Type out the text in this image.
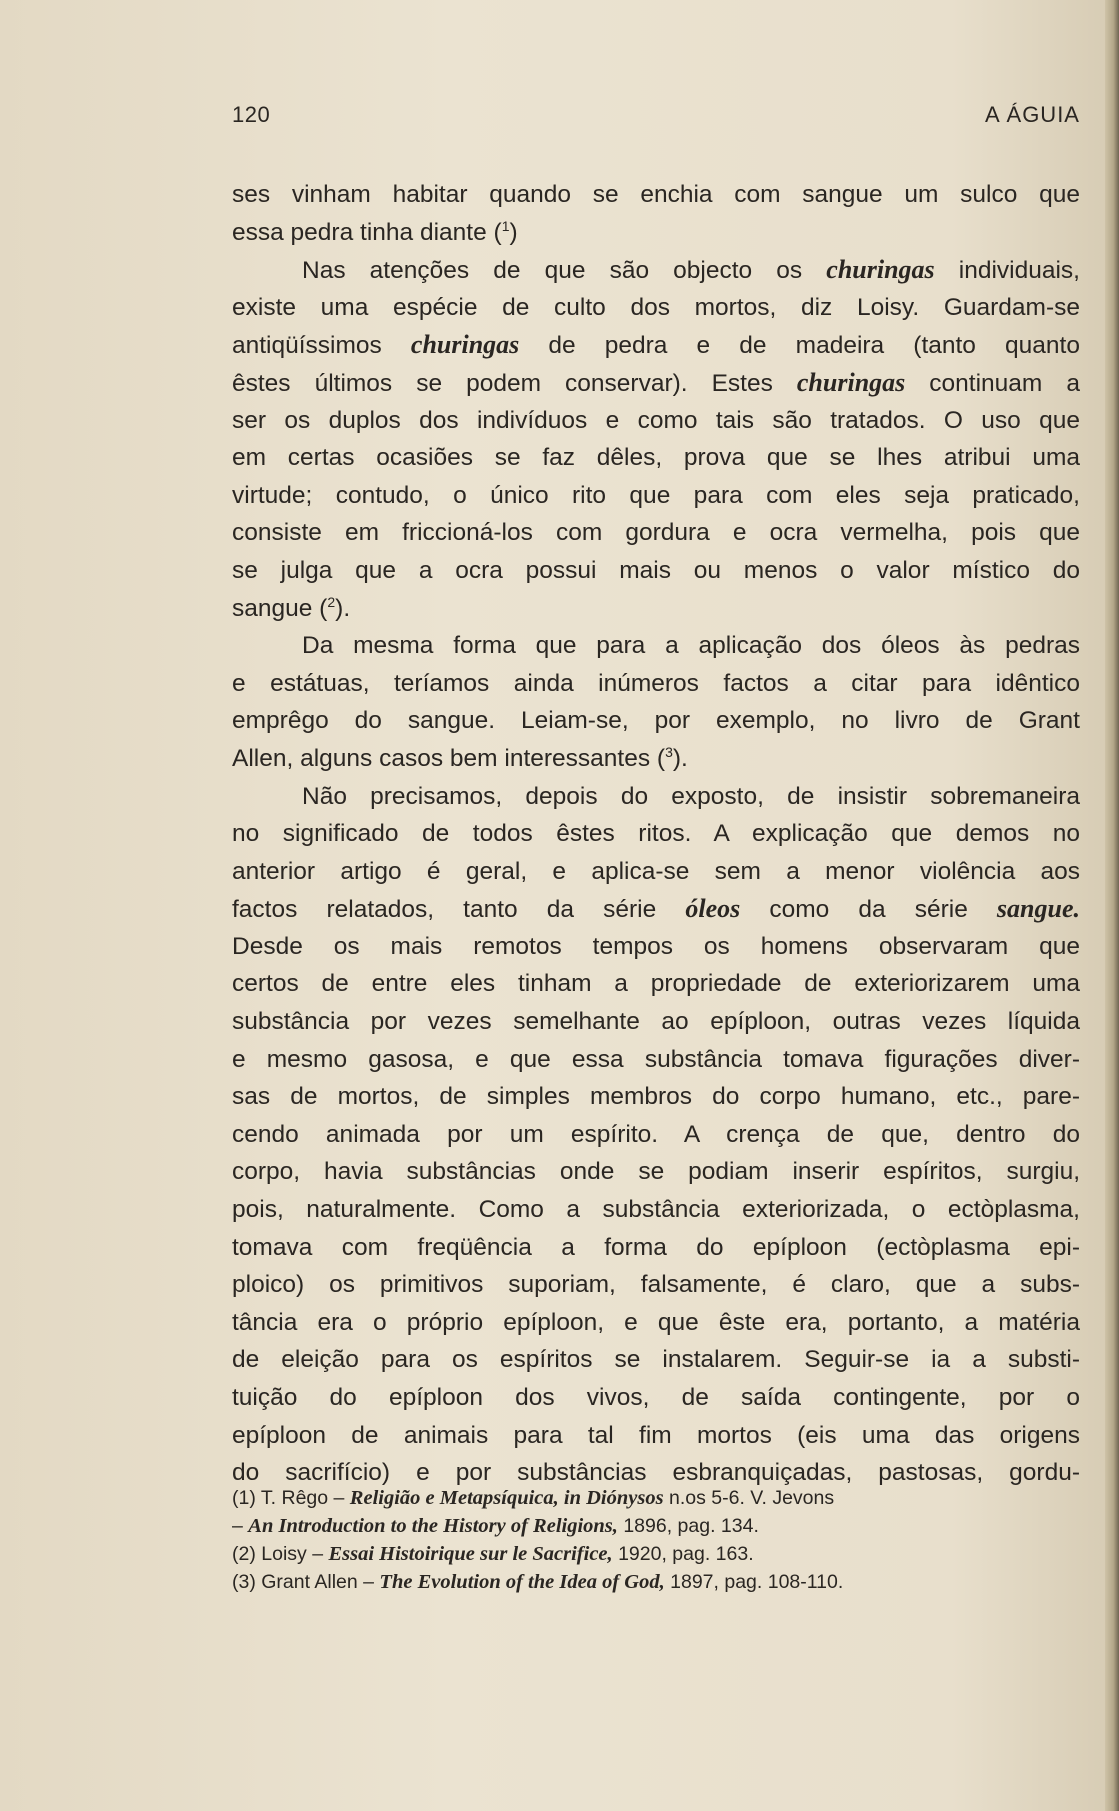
120	A ÁGUIA
ses vinham habitar quando se enchia com sangue um sulco que
essa pedra tinha diante ($^1$)
Nas atenções de que são objecto os churingas individuais,
existe uma espécie de culto dos mortos, diz Loisy. Guardam-se
antiqüíssimos churingas de pedra e de madeira (tanto quanto
êstes últimos se podem conservar). Estes churingas continuam a
ser os duplos dos indivíduos e como tais são tratados. O uso que
em certas ocasiões se faz dêles, prova que se lhes atribui uma
virtude; contudo, o único rito que para com eles seja praticado,
consiste em friccioná-los com gordura e ocra vermelha, pois que
se julga que a ocra possui mais ou menos o valor místico do
sangue ($^2$).
Da mesma forma que para a aplicação dos óleos às pedras
e estátuas, teríamos ainda inúmeros factos a citar para idêntico
emprêgo do sangue. Leiam-se, por exemplo, no livro de Grant
Allen, alguns casos bem interessantes ($^3$).
Não precisamos, depois do exposto, de insistir sobremaneira
no significado de todos êstes ritos. A explicação que demos no
anterior artigo é geral, e aplica-se sem a menor violência aos
factos relatados, tanto da série óleos como da série sangue.
Desde os mais remotos tempos os homens observaram que
certos de entre eles tinham a propriedade de exteriorizarem uma
substância por vezes semelhante ao epíploon, outras vezes líquida
e mesmo gasosa, e que essa substância tomava figurações diver-
sas de mortos, de simples membros do corpo humano, etc., pare-
cendo animada por um espírito. A crença de que, dentro do
corpo, havia substâncias onde se podiam inserir espíritos, surgiu,
pois, naturalmente. Como a substância exteriorizada, o ectòplasma,
tomava com freqüência a forma do epíploon (ectòplasma epi-
ploico) os primitivos suporiam, falsamente, é claro, que a subs-
tância era o próprio epíploon, e que êste era, portanto, a matéria
de eleição para os espíritos se instalarem. Seguir-se ia a substi-
tuição do epíploon dos vivos, de saída contingente, por o
epíploon de animais para tal fim mortos (eis uma das origens
do sacrifício) e por substâncias esbranquiçadas, pastosas, gordu-
(1) T. Rêgo – Religião e Metapsíquica, in Diónysos n.os 5-6. V. Jevons
– An Introduction to the History of Religions, 1896, pag. 134.
(2) Loisy – Essai Histoirique sur le Sacrifice, 1920, pag. 163.
(3) Grant Allen – The Evolution of the Idea of God, 1897, pag. 108-110.
